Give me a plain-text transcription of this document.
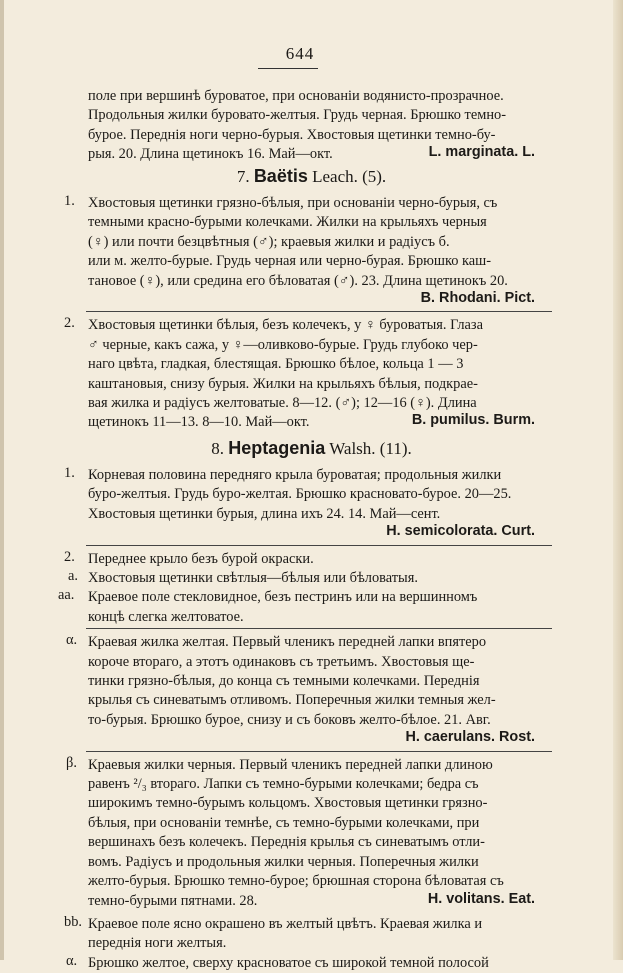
644
поле при вершинѣ буроватое, при основанiи водянисто-прозрачное.
Продольныя жилки буровато-желтыя. Грудь черная. Брюшко темно-
бурое. Переднiя ноги черно-бурыя. Хвостовыя щетинки темно-бу-
рыя. 20. Длина щетинокъ 16. Май—окт.	L. marginata. L.
7. Baëtis Leach. (5).
1. Хвостовыя щетинки грязно-бѣлыя, при основанiи черно-бурыя, съ
темными красно-бурыми колечками. Жилки на крыльяхъ черныя
(♀) или почти безцвѣтныя (♂); краевыя жилки и радiусъ б.
или м. желто-бурые. Грудь черная или черно-бурая. Брюшко каш-
тановое (♀), или средина его бѣловатая (♂). 23. Длина щетинокъ 20.
B. Rhodani. Pict.
2. Хвостовыя щетинки бѣлыя, безъ колечекъ, у ♀ буроватыя. Глаза
♂ черные, какъ сажа, у ♀—оливково-бурые. Грудь глубоко чер-
наго цвѣта, гладкая, блестящая. Брюшко бѣлое, кольца 1 — 3
каштановыя, снизу бурыя. Жилки на крыльяхъ бѣлыя, подкрае-
вая жилка и радiусъ желтоватые. 8—12. (♂); 12—16 (♀). Длина
щетинокъ 11—13. 8—10. Май—окт.	B. pumilus. Burm.
8. Heptagenia Walsh. (11).
1. Корневая половина передняго крыла буроватая; продольныя жилки
буро-желтыя. Грудь буро-желтая. Брюшко красновато-бурое. 20—25.
Хвостовыя щетинки бурыя, длина ихъ 24. 14. Май—сент.
H. semicolorata. Curt.
2. Переднее крыло безъ бурой окраски.
a. Хвостовыя щетинки свѣтлыя—бѣлыя или бѣловатыя.
aa. Краевое поле стекловидное, безъ пестринъ или на вершинномъ
концѣ слегка желтоватое.
α. Краевая жилка желтая. Первый членикъ передней лапки впятеро
короче втораго, а этотъ одинаковъ съ третьимъ. Хвостовыя ще-
тинки грязно-бѣлыя, до конца съ темными колечками. Переднiя
крылья съ синеватымъ отливомъ. Поперечныя жилки темныя жел-
то-бурыя. Брюшко бурое, снизу и съ боковъ желто-бѣлое. 21. Авг.
H. caerulans. Rost.
β. Краевыя жилки черныя. Первый членикъ передней лапки длиною
равенъ ²/₃ втораго. Лапки съ темно-бурыми колечками; бедра съ
широкимъ темно-бурымъ кольцомъ. Хвостовыя щетинки грязно-
бѣлыя, при основанiи темнѣе, съ темно-бурыми колечками, при
вершинахъ безъ колечекъ. Переднiя крылья съ синеватымъ отли-
вомъ. Радiусъ и продольныя жилки черныя. Поперечныя жилки
желто-бурыя. Брюшко темно-бурое; брюшная сторона бѣловатая съ
темно-бурыми пятнами. 28.	H. volitans. Eat.
bb. Краевое поле ясно окрашено въ желтый цвѣтъ. Краевая жилка и
переднiя ноги желтыя.
α. Брюшко желтое, сверху красноватое съ широкой темной полосой
